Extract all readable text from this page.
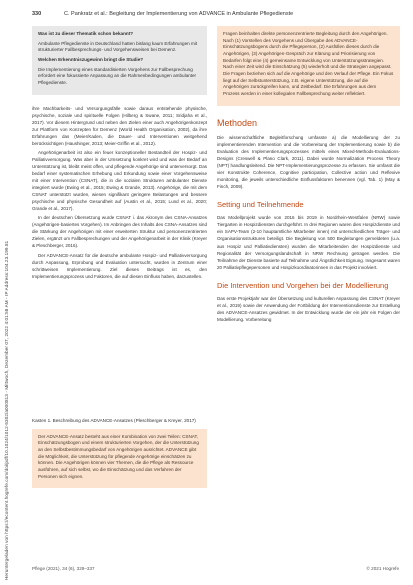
Heruntergeladen von https://econtent.hogrefe.com/doi/pdf/10.1024/1012-5302/a000813 - Mittwoch, Dezember 07, 2022 4:01:58 AM - IP Address:104.23.199.81
330	C. Pankratz et al.: Begleitung der Implementierung von ADVANCE in Ambulante Pflegedienste

Was ist zu dieser Thematik schon bekannt?

Ambulante Pflegedienste in Deutschland hatten bislang kaum Erfahrungen mit strukturierter Fallbesprechungs- und Vorgehensweisen bei Demenz.

Welchen Erkenntniszugewinn bringt die Studie?

Die Implementierung eines standardisierten Vorgehens zur Fallbesprechung erfordert eine fokussierte Anpassung an die Rahmenbedingungen ambulanter Pflegedienste.

ihre Machbarkeits- und Versorgungsfälle sowie daraus entstehende physische, psychische, soziale und spirituelle Folgen (Hilberg & Swane, 2011; Sridjaha et al., 2017). Vor diesem Hintergrund und neben den Zielen einer auch Angehörigenkonzept zur Plattform von Konzepten für Demenz (World Health Organisation, 2002), da ihre Erfahrungen das (Meier/Kaden, die Dauer- und Interventionen weitgehend berücksichtigen (Haushinger, 2013; Meier-Griffin et al., 2012).

Angehörigenarbeit ist also ein feuer konzeptioneller Bestandteil der Hospiz- und Palliativversorgung. Was aber in der Umsetzung konkret wird und was der Bedarf an Unterstützung ist, bleibt meist offen, und pflegende Angehörige sind unterversorgt. Das bedarf einer systematischen Erhebung und Erkundung sowie einer Vorgehensweise mit einer Intervention (CSNAT), die in die sozialen Strukturen ambulanter Dienste integriert wurde (Ewing et al., 2015; Ewing & Grande, 2013). Angehörige, die mit dem CSNAT unterstützt wurden, wiesen signifikant geringere Belastungen und bessere psychische und physische Gesundheit auf (Austin et al., 2015; Lund et al., 2020; Grande et al., 2017).

In der deutschen Übersetzung wurde CSNAT i. das Akronym des CSNA-Ansatzes (Angehörigen-basiertes Vorgehen). Im Anbringen des Inhalts des CSNA-Ansatzes sind die Stärkung der Angehörigen mit einer erweiterten Struktur und personenzentrierten Zielen, ergänzt um Fallbesprechungen und der Angehörigenarbeit in der Klinik (Kreyer & Pleschberger, 2016).

Der ADVANCE-Ansatz für die deutsche ambulante Hospiz- und Palliativversorgung durch Anpassung, Erprobung und Evaluation untersucht, wurden in Zentrum einer schrittweisen Implementierung. Ziel dieses Beitrags ist es, den Implementierungsprozess und Faktoren, die auf diesen Einfluss haben, darzustellen.

Kasten 1. Beschreibung des ADVANCE-Ansatzes (Pleschberger & Kreyer, 2017)

Der ADVANCE-Ansatz besteht aus einer Kombination von zwei Teilen: CSNAT, Einschätzungsbogen und einem strukturierten Vorgehen, der die Unterstützung an den Selbstbestimmungsbedarf von Angehörigen ausrichtet. ADVANCE gibt die Möglichkeit, die Unterstützung für pflegende Angehörige einschätzen zu können. Die Angehörigen können vier Themen, die die Pflege als Ressource ausführen, auf sich selbst, wo die Einschätzung und das Verfahren der Personen sich eignen.

Fragen beinhalten direkte personenzentrierte Begleitung durch den Angehörigen. Nach (1) Vorstellen des Vorgehens und Übergabe des ADVANCE-Einschätzungsbogens durch die Pflegeperson, (2) Ausfüllen dieses durch die Angehörigen, (3) Angehörigen-Gespräch zur Klärung und Priorisierung von Bedarfen folgt eine (4) gemeinsame Entwicklung von Unterstützungsstrategien. Nach einer Zeit wird die Einschätzung (5) wiederholt und die Strategien angepasst. Die Fragen beziehen sich auf die Angehörige und den Verlauf der Pflege. Ein Fokus liegt auf der Selbstunterstützung, z.B. eigene Unterstützung, die auf die Angehörigen zurückgreifen kann, und Zeitbedarf. Die Erfahrungen aus dem Prozess werden in einer kollegialen Fallbesprechung weiter reflektiert.

Methoden

Die wissenschaftliche Begleitforschung umfasste a) die Modellierung der zu implementierenden Intervention und die Vorbereitung der Implementierung sowie b) die Evaluation des Implementierungsprozesses mittels eines Mixed-Methods-Evaluations-Designs (Creswell & Plano Clark, 2011). Dabei wurde Normalization Process Theory (NPT) handlungsleitend. Die NPT-Implementierungsprozesse zu erfassen. Sie umfasst die vier Konstrukte Coherence, Cognitive participation, Collective action und Reflexive monitoring, die jeweils unterschiedliche Einflussfaktoren benennen (vgl. Tab. 1) (May & Finch, 2009).

Setting und Teilnehmende

Das Modellprojekt wurde von 2016 bis 2019 in Nordrhein-Westfalen (NRW) sowie Tiergarten in Hospizdiensten durchgeführt. In drei Regionen waren dies Hospizdienste und ein SAPV-Team (2-10 hauptamtliche Mitarbeiter innen) mit unterschiedlichen Träger- und Organisationsstrukturen beteiligt. Die Begleitung von 500 Begleitungen gemeldeten (u.a. aus Hospiz und Palliativdiensten) wurden die Mitarbeitenden der Hospizdienste und Regionalität der Versorgungslandschaft in NRW Rechnung getragen werden. Die Teilnahme der Dienste basierte auf Teilnahme und Ängstlichkeit Eignung. Insgesamt waren 20 Palliativpflegepersonen und Hospizkoordinatorinnen in das Projekt involviert.

Die Intervention und Vorgehen bei der Modellierung

Das erste Projektjahr war der Übersetzung und kulturellen Anpassung des CSNAT (Kreyer et al., 2019) sowie der Anwendung der Fortbildung der Interventionsdienste zur Erstellung des ADVANCE-Ansatzes gewidmet. In der Entwicklung wurde der ein jahr ein Folgen der Modellierung. Vorbereitung

Pflege (2021), 34 (6), 329–337	© 2021 Hogrefe
